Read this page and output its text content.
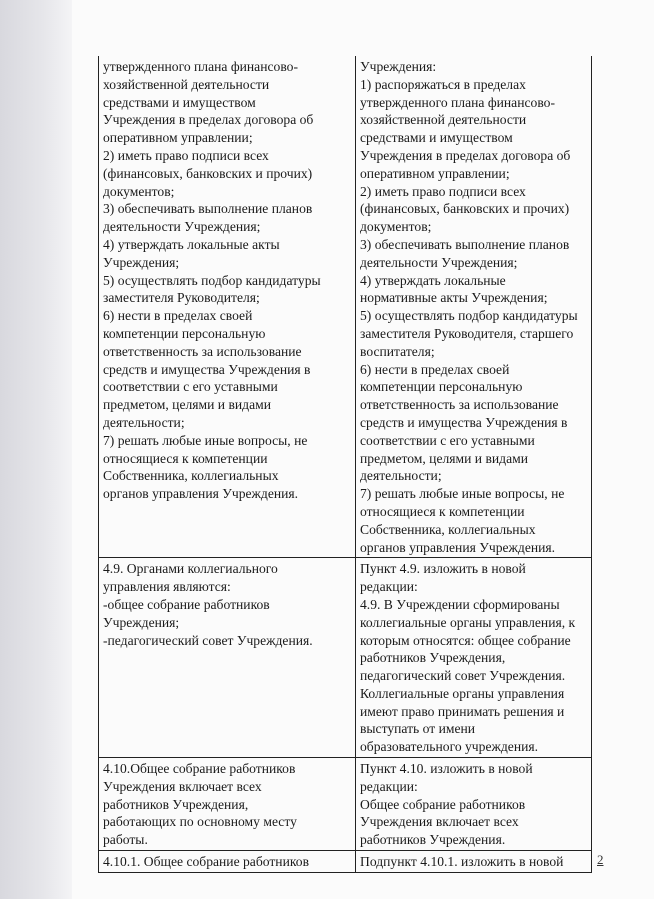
утвержденного плана финансово-
хозяйственной деятельности
средствами и имуществом
Учреждения в пределах договора об
оперативном управлении;
2) иметь право подписи всех
(финансовых, банковских и прочих)
документов;
3) обеспечивать выполнение планов
деятельности Учреждения;
4) утверждать локальные акты
Учреждения;
5) осуществлять подбор кандидатуры
заместителя Руководителя;
6) нести в пределах своей
компетенции персональную
ответственность за использование
средств и имущества Учреждения в
соответствии с его уставными
предметом, целями и видами
деятельности;
7) решать любые иные вопросы, не
относящиеся к компетенции
Собственника, коллегиальных
органов управления Учреждения.
Учреждения:
1) распоряжаться в пределах
утвержденного плана финансово-
хозяйственной деятельности
средствами и имуществом
Учреждения в пределах договора об
оперативном управлении;
2) иметь право подписи всех
(финансовых, банковских и прочих)
документов;
3) обеспечивать выполнение планов
деятельности Учреждения;
4) утверждать локальные
нормативные акты Учреждения;
5) осуществлять подбор кандидатуры
заместителя Руководителя, старшего
воспитателя;
6) нести в пределах своей
компетенции персональную
ответственность за использование
средств и имущества Учреждения в
соответствии с его уставными
предметом, целями и видами
деятельности;
7) решать любые иные вопросы, не
относящиеся к компетенции
Собственника, коллегиальных
органов управления Учреждения.
4.9. Органами коллегиального
управления являются:
-общее собрание работников
Учреждения;
-педагогический совет Учреждения.
Пункт 4.9. изложить в новой
редакции:
4.9. В Учреждении сформированы
коллегиальные органы управления, к
которым относятся: общее собрание
работников Учреждения,
педагогический совет Учреждения.
Коллегиальные органы управления
имеют право принимать решения и
выступать от имени
образовательного учреждения.
4.10.Общее собрание работников
Учреждения включает всех
работников Учреждения,
работающих по основному месту
работы.
Пункт 4.10. изложить в новой
редакции:
Общее собрание работников
Учреждения включает всех
работников Учреждения.
4.10.1. Общее собрание работников	Подпункт 4.10.1. изложить в новой	2
